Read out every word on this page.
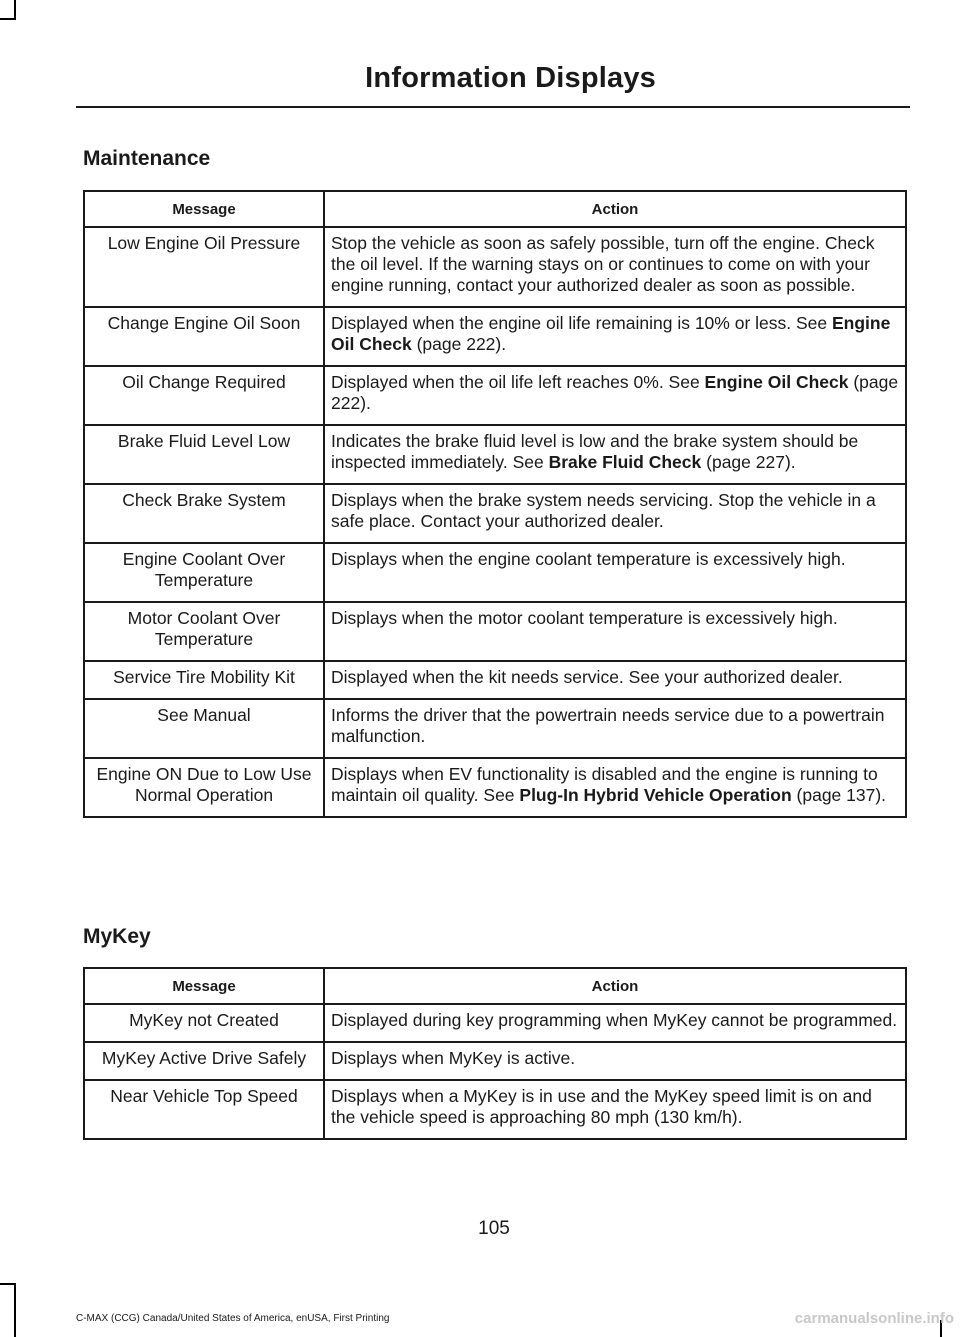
Information Displays
Maintenance
Message	Action
Low Engine Oil Pressure	Stop the vehicle as soon as safely possible, turn off the engine. Check the oil level. If the warning stays on or continues to come on with your engine running, contact your authorized dealer as soon as possible.
Change Engine Oil Soon	Displayed when the engine oil life remaining is 10% or less. See Engine Oil Check (page 222).
Oil Change Required	Displayed when the oil life left reaches 0%. See Engine Oil Check (page 222).
Brake Fluid Level Low	Indicates the brake fluid level is low and the brake system should be inspected immediately. See Brake Fluid Check (page 227).
Check Brake System	Displays when the brake system needs servicing. Stop the vehicle in a safe place. Contact your authorized dealer.
Engine Coolant Over Temperature	Displays when the engine coolant temperature is excessively high.
Motor Coolant Over Temperature	Displays when the motor coolant temperature is excessively high.
Service Tire Mobility Kit	Displayed when the kit needs service. See your authorized dealer.
See Manual	Informs the driver that the powertrain needs service due to a powertrain malfunction.
Engine ON Due to Low Use Normal Operation	Displays when EV functionality is disabled and the engine is running to maintain oil quality. See Plug-In Hybrid Vehicle Operation (page 137).
MyKey
Message	Action
MyKey not Created	Displayed during key programming when MyKey cannot be programmed.
MyKey Active Drive Safely	Displays when MyKey is active.
Near Vehicle Top Speed	Displays when a MyKey is in use and the MyKey speed limit is on and the vehicle speed is approaching 80 mph (130 km/h).
105
C-MAX (CCG) Canada/United States of America, enUSA, First Printing	carmanualsonline.info
